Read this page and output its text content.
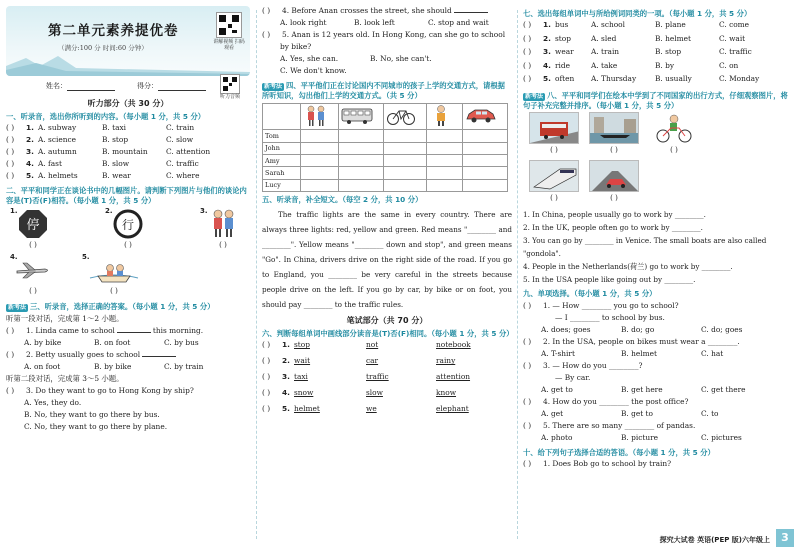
第二单元素养提优卷
（满分:100 分 时间:60 分钟）
讲解视频 扫码观看
姓名：	得分：
听力音频
听力部分（共 30 分）
一、听录音，选出你所听到的内容。（每小题 1 分，共 5 分）
( )	1. A. subway	B. taxi	C. train
( )	2. A. science	B. stop	C. slow
( )	3. A. autumn	B. mountain	C. attention
( )	4. A. fast	B. slow	C. traffic
( )	5. A. helmets	B. wear	C. where
二、平平和同学正在谈论书中的几幅图片。请判断下列图片与他们的谈论内容是(T)否(F)相符。（每小题 1 分，共 5 分）
1.
停
2.
行
3.
( )	( )	( )
4.	5.
( )	( )
新考法 三、听录音，选择正确的答案。（每小题 1 分，共 5 分）
听第一段对话，完成第 1～2 小题。
( )	1. Linda came to school	this morning.
A. by bike	B. on foot	C. by bus
( )	2. Betty usually goes to school
A. on foot	B. by bike	C. by train
听第二段对话，完成第 3～5 小题。
( )	3. Do they want to go to Hong Kong by ship?
A. Yes, they do.
B. No, they want to go there by bus.
C. No, they want to go there by plane.
( )	4. Before Anan crosses the street, she should
A. look right	B. look left	C. stop and wait
( )	5. Anan is 12 years old. In Hong Kong, can she go to school
by bike?
A. Yes, she can.	B. No, she can't.
C. We don't know.
新考法 四、平平他们正在讨论国内不同城市的孩子上学的交通方式，请根据所听知识，勾出他们上学的交通方式。（共 5 分）

Tom					
John					
Amy					
Sarah					
Lucy					
五、听录音，补全短文。（每空 2 分，共 10 分）
The traffic lights are the same in every country. There are always three lights: red, yellow and green. Red means "________ and ________". Yellow means "________ down and stop", and green means "Go". In China, drivers drive on the right side of the road. If you go to England, you ________ be very careful in the streets because people drive on the left. If you go by car, by bike or on foot, you should pay ________ to the traffic rules.
笔试部分（共 70 分）
六、判断每组单词中画线部分读音是(T)否(F)相同。（每小题 1 分，共 5 分）
( )	1. stop	not	notebook
( )	2. wait	car	rainy
( )	3. taxi	traffic	attention
( )	4. snow	slow	know
( )	5. helmet	we	elephant
七、选出每组单词中与所给例词同类的一项。（每小题 1 分，共 5 分）
( )	1. bus	A. school	B. plane	C. come
( )	2. stop	A. sled	B. helmet	C. wait
( )	3. wear	A. train	B. stop	C. traffic
( )	4. ride	A. take	B. by	C. on
( )	5. often	A. Thursday	B. usually	C. Monday
新考法 八、平平和同学们在绘本中学到了不同国家的出行方式，仔细观察图片，将句子补充完整并排序。（每小题 1 分，共 5 分）
( )	( )	( )
( )	( )
1. In China, people usually go to work by ________.
2. In the UK, people often go to work by ________.
3. You can go by ________ in Venice. The small boats are also called "gondola".
4. People in the Netherlands(荷兰) go to work by ________.
5. In the USA people like going out by ________.
九、单项选择。（每小题 1 分，共 5 分）
( )	1. — How ________ you go to school?
— I ________ to school by bus.
A. does; goes	B. do; go	C. do; goes
( )	2. In the USA, people on bikes must wear a ________.
A. T-shirt	B. helmet	C. hat
( )	3. — How do you ________?
— By car.
A. get to	B. get here	C. get there
( )	4. How do you ________ the post office?
A. get	B. get to	C. to
( )	5. There are so many ________ of pandas.
A. photo	B. picture	C. pictures
十、给下列句子选择合适的答语。（每小题 1 分，共 5 分）
( )	1. Does Bob go to school by train?
探究大试卷 英语(PEP 版)六年级上	3
